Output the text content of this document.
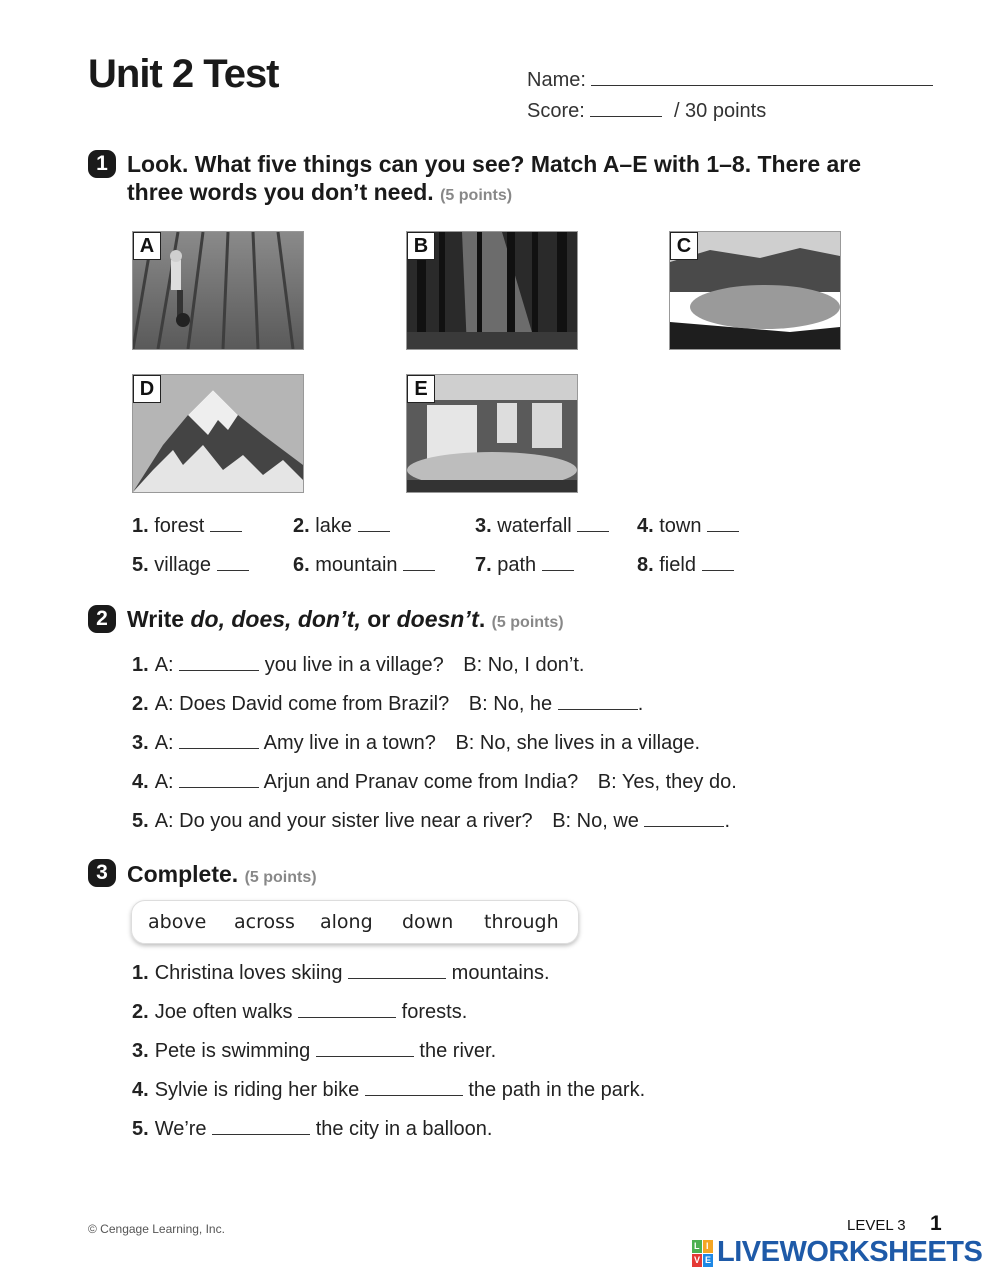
Unit 2 Test	Name:
Score:	/ 30 points
1 Look. What five things can you see? Match A–E with 1–8. There are
three words you don’t need. (5 points)
A	B	C
D	E
1. forest	2. lake	3. waterfall	4. town
5. village	6. mountain	7. path	8. field
2 Write do, does, don’t, or doesn’t. (5 points)
1. A:	you live in a village? B: No, I don’t.
2. A: Does David come from Brazil? B: No, he	.
3. A:	Amy live in a town? B: No, she lives in a village.
4. A:	Arjun and Pranav come from India? B: Yes, they do.
5. A: Do you and your sister live near a river? B: No, we	.
3 Complete. (5 points)
above across along down through
1. Christina loves skiing	mountains.
2. Joe often walks	forests.
3. Pete is swimming	the river.
4. Sylvie is riding her bike	the path in the park.
5. We’re	the city in a balloon.
© Cengage Learning, Inc.	LEVEL 3 1
L I
V E LIVEWORKSHEETS
